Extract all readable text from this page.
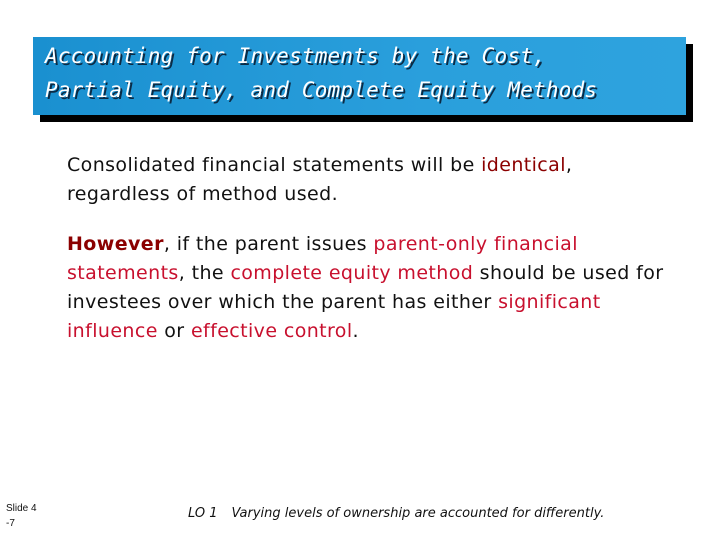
Accounting for Investments by the Cost,
Partial Equity, and Complete Equity Methods
Consolidated financial statements will be identical,
regardless of method used.
However, if the parent issues parent-only financial statements, the complete equity method should be used for investees over which the parent has either significant influence or effective control.
Slide 4
-7
LO 1 Varying levels of ownership are accounted for differently.
